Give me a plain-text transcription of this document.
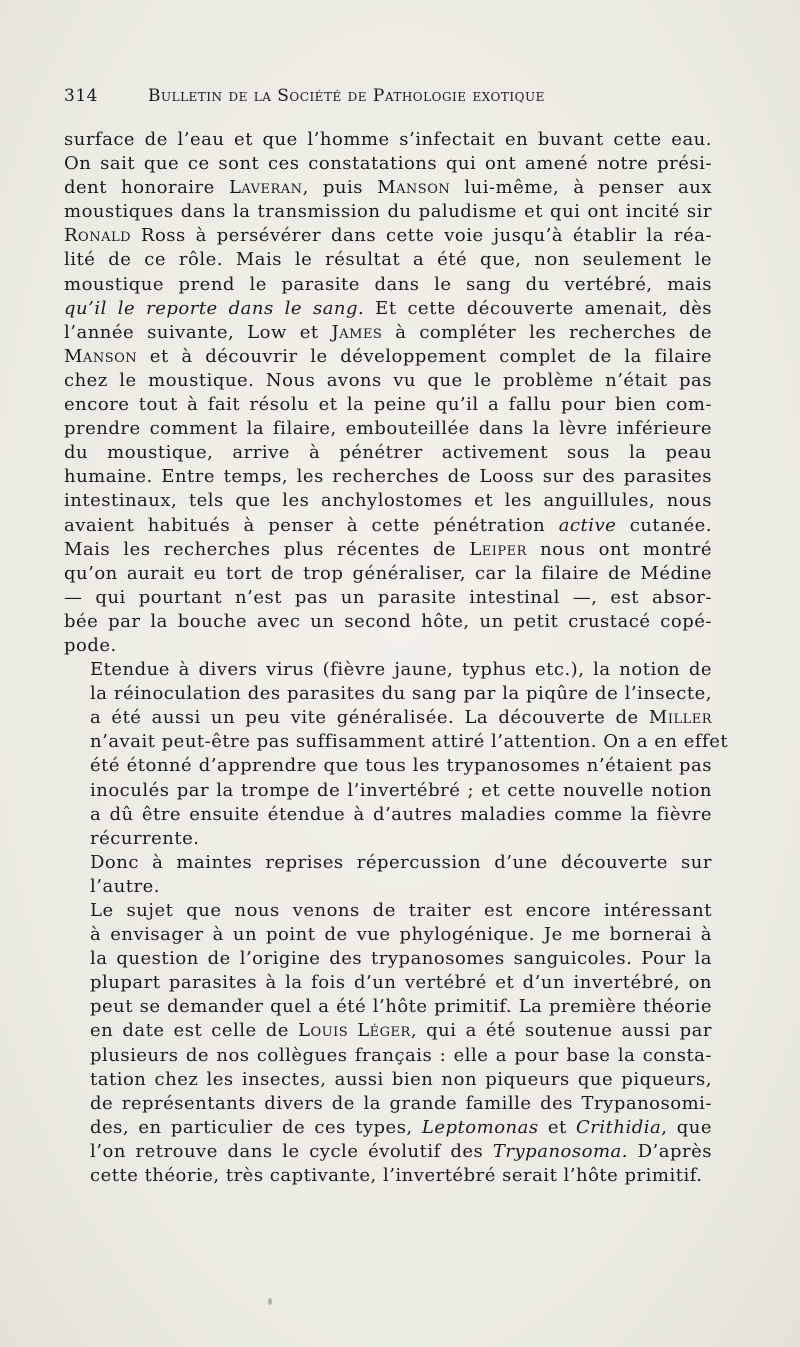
314	Bulletin de la Société de Pathologie exotique
surface de l’eau et que l’homme s’infectait en buvant cette eau.
On sait que ce sont ces constatations qui ont amené notre prési-
dent honoraire Laveran, puis Manson lui-même, à penser aux
moustiques dans la transmission du paludisme et qui ont incité sir
Ronald Ross à persévérer dans cette voie jusqu’à établir la réa-
lité de ce rôle. Mais le résultat a été que, non seulement le
moustique prend le parasite dans le sang du vertébré, mais
qu’il le reporte dans le sang. Et cette découverte amenait, dès
l’année suivante, Low et James à compléter les recherches de
Manson et à découvrir le développement complet de la filaire
chez le moustique. Nous avons vu que le problème n’était pas
encore tout à fait résolu et la peine qu’il a fallu pour bien com-
prendre comment la filaire, embouteillée dans la lèvre inférieure
du moustique, arrive à pénétrer activement sous la peau
humaine. Entre temps, les recherches de Looss sur des parasites
intestinaux, tels que les anchylostomes et les anguillules, nous
avaient habitués à penser à cette pénétration active cutanée.
Mais les recherches plus récentes de Leiper nous ont montré
qu’on aurait eu tort de trop généraliser, car la filaire de Médine
— qui pourtant n’est pas un parasite intestinal —, est absor-
bée par la bouche avec un second hôte, un petit crustacé copé-
pode.
Etendue à divers virus (fièvre jaune, typhus etc.), la notion de
la réinoculation des parasites du sang par la piqûre de l’insecte,
a été aussi un peu vite généralisée. La découverte de Miller
n’avait peut-être pas suffisamment attiré l’attention. On a en effet
été étonné d’apprendre que tous les trypanosomes n’étaient pas
inoculés par la trompe de l’invertébré ; et cette nouvelle notion
a dû être ensuite étendue à d’autres maladies comme la fièvre
récurrente.
Donc à maintes reprises répercussion d’une découverte sur
l’autre.
Le sujet que nous venons de traiter est encore intéressant
à envisager à un point de vue phylogénique. Je me bornerai à
la question de l’origine des trypanosomes sanguicoles. Pour la
plupart parasites à la fois d’un vertébré et d’un invertébré, on
peut se demander quel a été l’hôte primitif. La première théorie
en date est celle de Louis Léger, qui a été soutenue aussi par
plusieurs de nos collègues français : elle a pour base la consta-
tation chez les insectes, aussi bien non piqueurs que piqueurs,
de représentants divers de la grande famille des Trypanosomi-
des, en particulier de ces types, Leptomonas et Crithidia, que
l’on retrouve dans le cycle évolutif des Trypanosoma. D’après
cette théorie, très captivante, l’invertébré serait l’hôte primitif.
